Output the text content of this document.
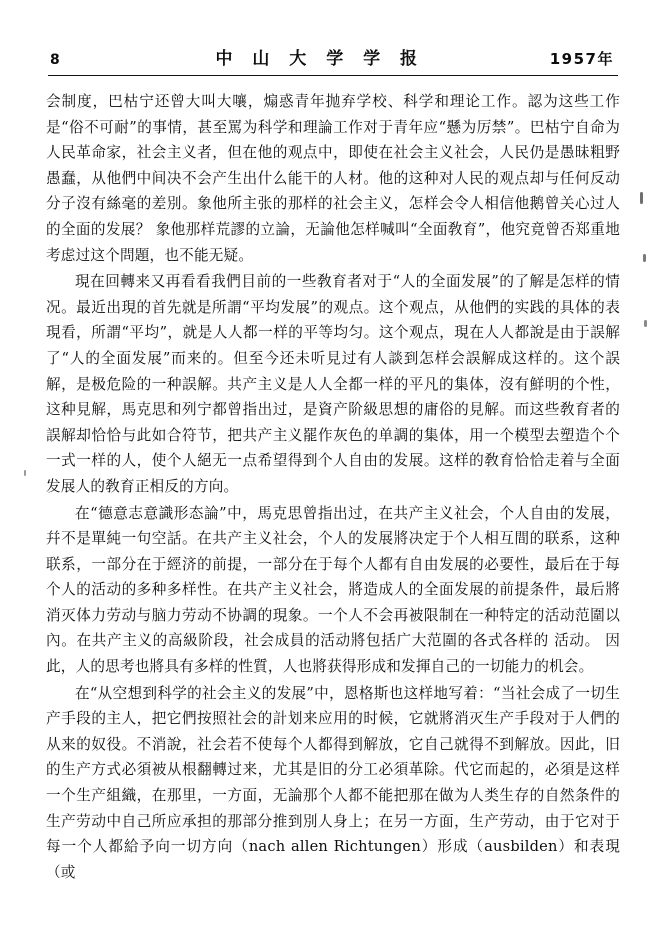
8	中 山 大 学 学 报	1957年

会制度，巴枯宁还曾大叫大嚷，煽惑青年抛弃学校、科学和理论工作。認为这些工作是“俗不可耐”的事情，甚至罵为科学和理論工作对于青年应“懸为厉禁”。巴枯宁自命为人民革命家，社会主义者，但在他的观点中，即使在社会主义社会，人民仍是愚昧粗野愚蠢，从他們中间决不会产生出什么能干的人材。他的这种对人民的观点却与任何反动分子沒有絲毫的差別。象他所主张的那样的社会主义，怎样会令人相信他鹅曾关心过人的全面的发展？ 象他那样荒謬的立論，无論他怎样喊叫“全面敎育”，他究竟曾否郑重地考虑过这个問題，也不能无疑。

現在回轉来又再看看我們目前的一些敎育者对于“人的全面发展”的了解是怎样的情况。最近出現的首先就是所謂“平均发展”的观点。这个观点，从他們的实践的具体的表現看，所謂“平均”，就是人人都一样的平等均匀。这个观点，現在人人都說是由于誤解了“人的全面发展”而来的。但至今还未听見过有人談到怎样会誤解成这样的。这个誤解，是极危险的一种誤解。共产主义是人人全都一样的平凡的集体，沒有鮮明的个性，这种見解，馬克思和列宁都曾指出过，是資产阶級思想的庸俗的見解。而这些敎育者的誤解却恰恰与此如合符节，把共产主义罷作灰色的单調的集体，用一个模型去塑造个个一式一样的人，使个人絕无一点希望得到个人自由的发展。这样的敎育恰恰走着与全面发展人的敎育正相反的方向。

在“德意志意識形态論”中，馬克思曾指出过，在共产主义社会，个人自由的发展，幷不是單純一句空話。在共产主义社会，个人的发展將决定于个人相互間的联系，这种联系，一部分在于經济的前提，一部分在于每个人都有自由发展的必要性，最后在于每个人的活动的多种多样性。在共产主义社会，將造成人的全面发展的前提条件，最后將消灭体力劳动与脑力劳动不协調的現象。一个人不会再被限制在一种特定的活动范圍以內。在共产主义的高級阶段，社会成員的活动將包括广大范圍的各式各样的 活动。 因此，人的思考也將具有多样的性質，人也將获得形成和发揮自己的一切能力的机会。

在“从空想到科学的社会主义的发展”中，恩格斯也这样地写着：“当社会成了一切生产手段的主人，把它們按照社会的計划来应用的时候，它就將消灭生产手段对于人們的从来的奴役。不消說，社会若不使每个人都得到解放，它自己就得不到解放。因此，旧的生产方式必須被从根翻轉过来，尤其是旧的分工必須革除。代它而起的，必須是这样一个生产組織，在那里，一方面，无論那个人都不能把那在做为人类生存的自然条件的生产劳动中自己所应承担的那部分推到別人身上；在另一方面，生产劳动，由于它对于每一个人都給予向一切方向（nach allen Richtungen）形成（ausbilden）和表現（或
